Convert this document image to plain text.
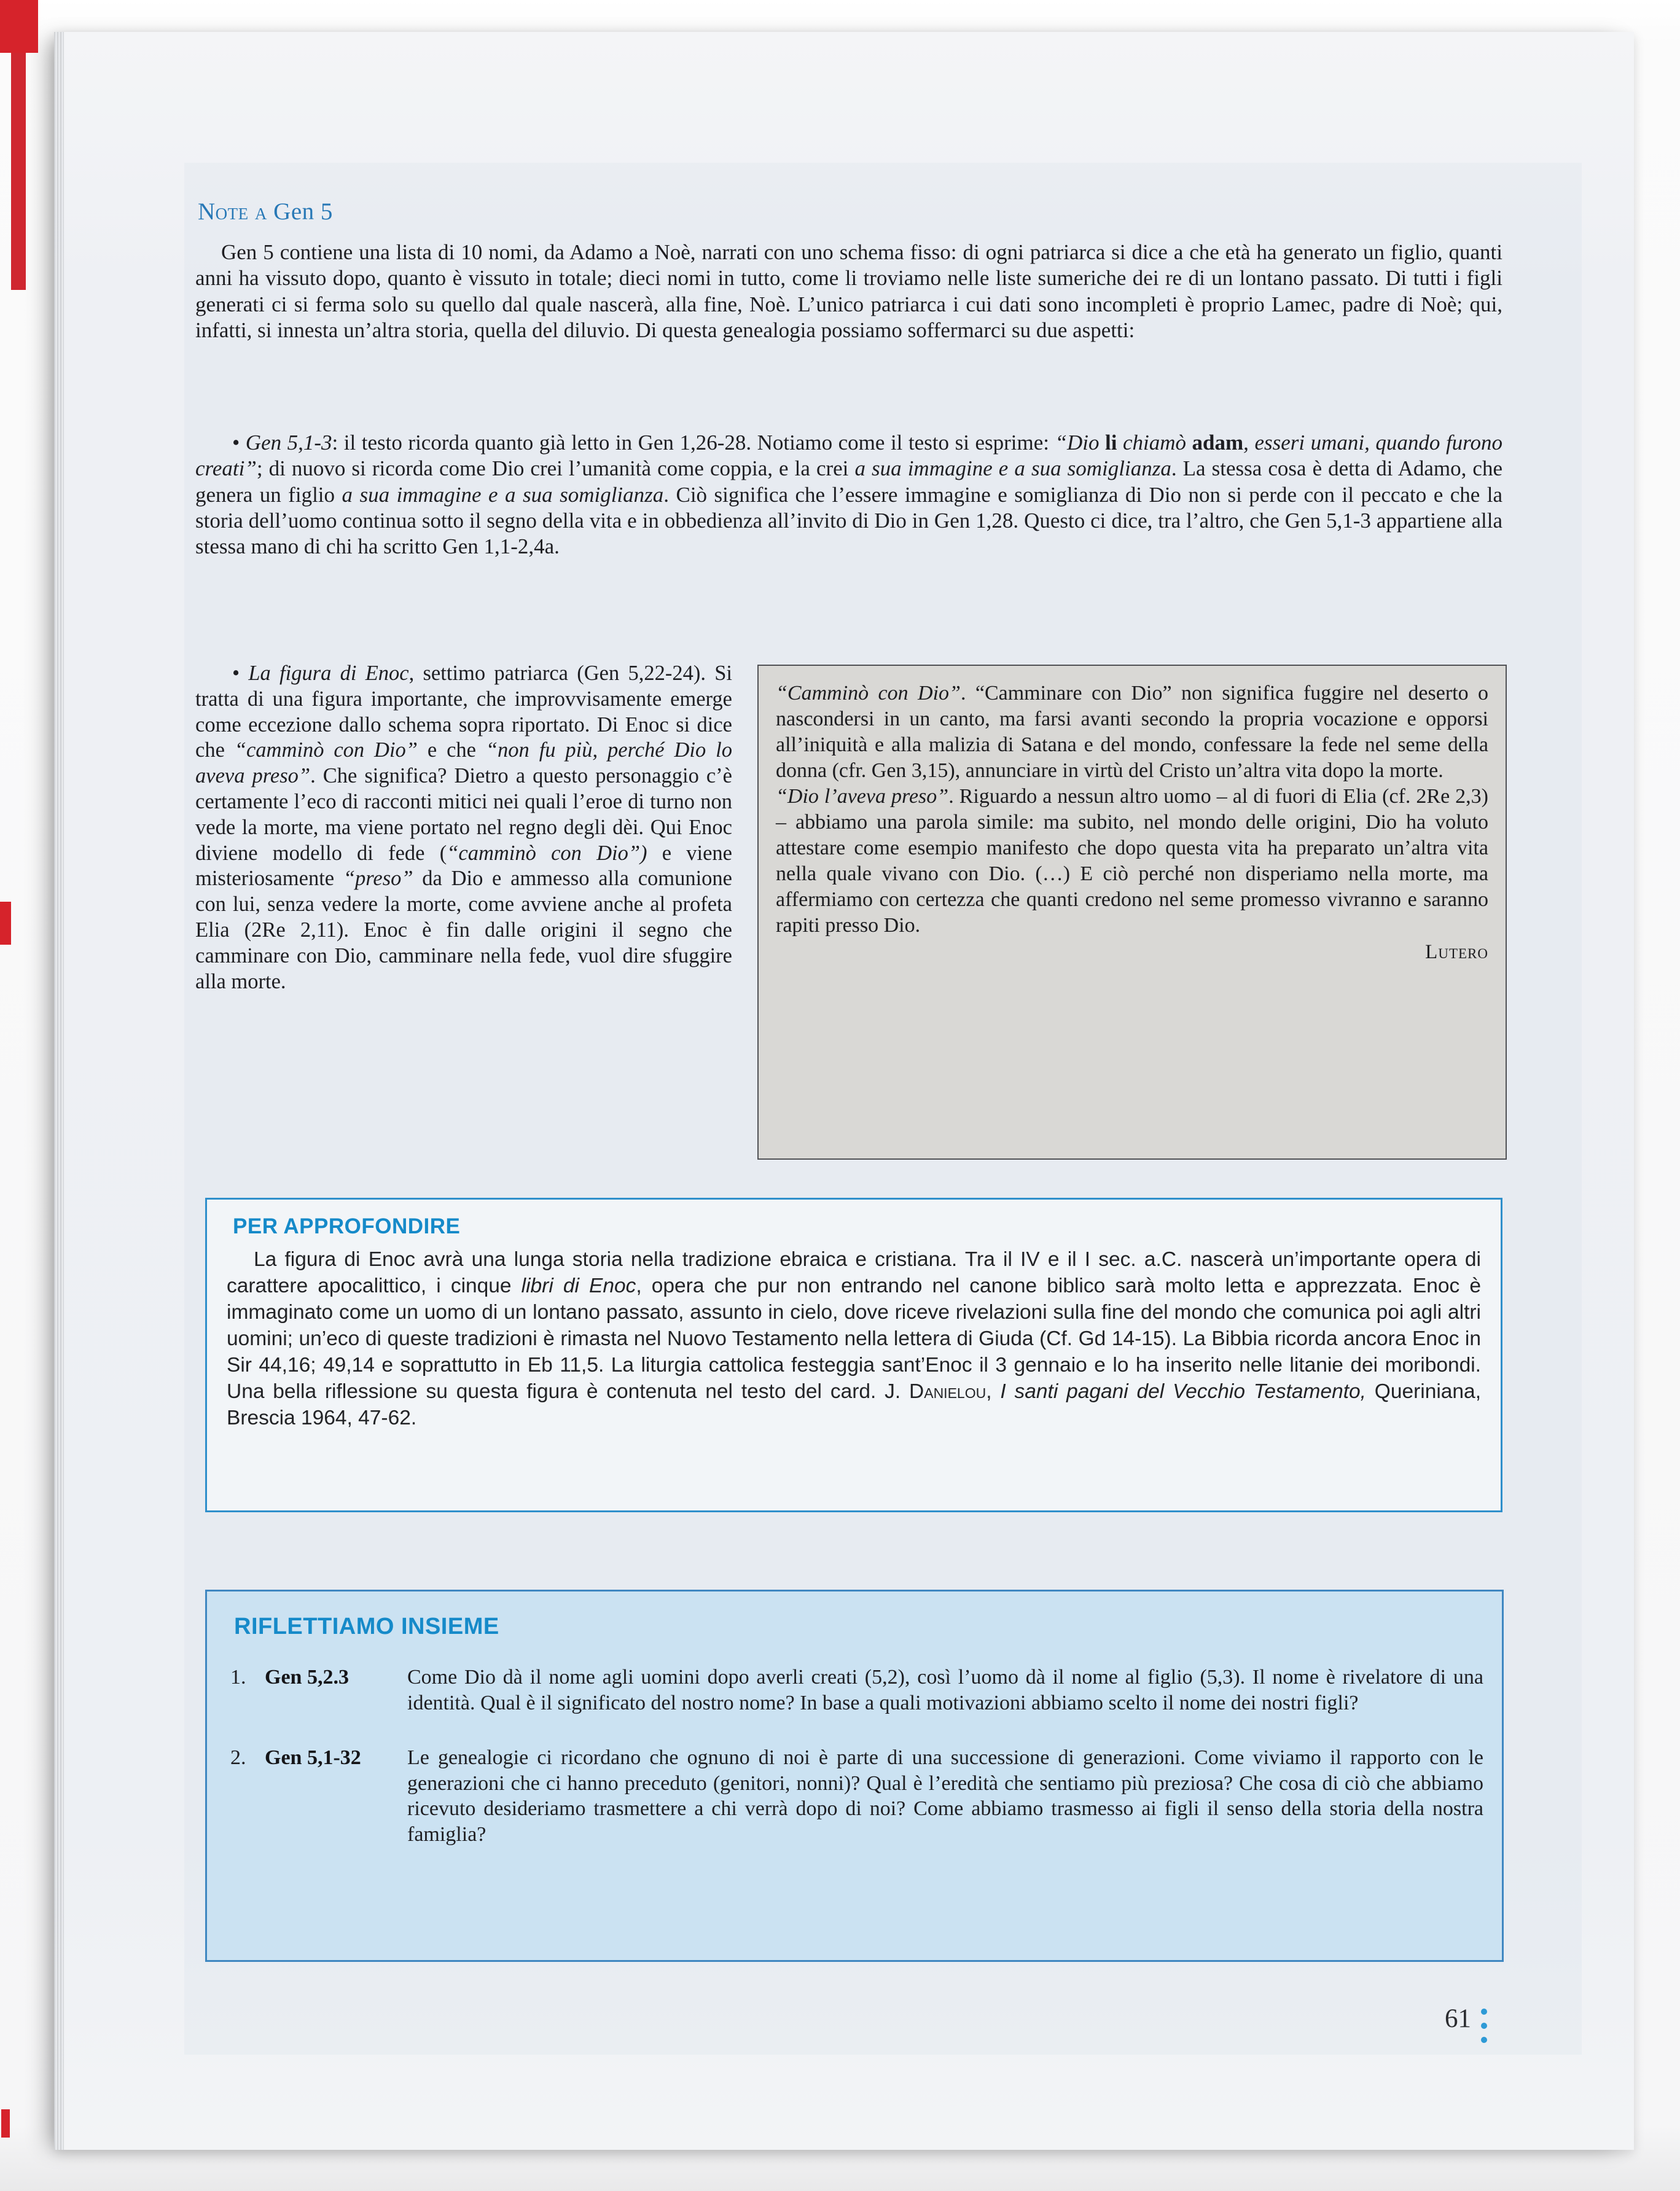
Note a Gen 5

Gen 5 contiene una lista di 10 nomi, da Adamo a Noè, narrati con uno schema fisso: di ogni patriarca si dice a che età ha generato un figlio, quanti anni ha vissuto dopo, quanto è vissuto in totale; dieci nomi in tutto, come li troviamo nelle liste sumeriche dei re di un lontano passato. Di tutti i figli generati ci si ferma solo su quello dal quale nascerà, alla fine, Noè. L’unico patriarca i cui dati sono incompleti è proprio Lamec, padre di Noè; qui, infatti, si innesta un’altra storia, quella del diluvio. Di questa genealogia possiamo soffermarci su due aspetti:

• Gen 5,1-3: il testo ricorda quanto già letto in Gen 1,26-28. Notiamo come il testo si esprime: “Dio li chiamò adam, esseri umani, quando furono creati”; di nuovo si ricorda come Dio crei l’umanità come coppia, e la crei a sua immagine e a sua somiglianza. La stessa cosa è detta di Adamo, che genera un figlio a sua immagine e a sua somiglianza. Ciò significa che l’essere immagine e somiglianza di Dio non si perde con il peccato e che la storia dell’uomo continua sotto il segno della vita e in obbedienza all’invito di Dio in Gen 1,28. Questo ci dice, tra l’altro, che Gen 5,1-3 appartiene alla stessa mano di chi ha scritto Gen 1,1-2,4a.

• La figura di Enoc, settimo patriarca (Gen 5,22-24). Si tratta di una figura importante, che improvvisamente emerge come eccezione dallo schema sopra riportato. Di Enoc si dice che “camminò con Dio” e che “non fu più, perché Dio lo aveva preso”. Che significa? Dietro a questo personaggio c’è certamente l’eco di racconti mitici nei quali l’eroe di turno non vede la morte, ma viene portato nel regno degli dèi. Qui Enoc diviene modello di fede (“camminò con Dio”) e viene misteriosamente “preso” da Dio e ammesso alla comunione con lui, senza vedere la morte, come avviene anche al profeta Elia (2Re 2,11). Enoc è fin dalle origini il segno che camminare con Dio, camminare nella fede, vuol dire sfuggire alla morte.

“Camminò con Dio”. “Camminare con Dio” non significa fuggire nel deserto o nascondersi in un canto, ma farsi avanti secondo la propria vocazione e opporsi all’iniquità e alla malizia di Satana e del mondo, confessare la fede nel seme della donna (cfr. Gen 3,15), annunciare in virtù del Cristo un’altra vita dopo la morte.

“Dio l’aveva preso”. Riguardo a nessun altro uomo – al di fuori di Elia (cf. 2Re 2,3) – abbiamo una parola simile: ma subito, nel mondo delle origini, Dio ha voluto attestare come esempio manifesto che dopo questa vita ha preparato un’altra vita nella quale vivano con Dio. (…) E ciò perché non disperiamo nella morte, ma affermiamo con certezza che quanti credono nel seme promesso vivranno e saranno rapiti presso Dio.

Lutero
PER APPROFONDIRE

La figura di Enoc avrà una lunga storia nella tradizione ebraica e cristiana. Tra il IV e il I sec. a.C. nascerà un’importante opera di carattere apocalittico, i cinque libri di Enoc, opera che pur non entrando nel canone biblico sarà molto letta e apprezzata. Enoc è immaginato come un uomo di un lontano passato, assunto in cielo, dove riceve rivelazioni sulla fine del mondo che comunica poi agli altri uomini; un’eco di queste tradizioni è rimasta nel Nuovo Testamento nella lettera di Giuda (Cf. Gd 14-15). La Bibbia ricorda ancora Enoc in Sir 44,16; 49,14 e soprattutto in Eb 11,5. La liturgia cattolica festeggia sant’Enoc il 3 gennaio e lo ha inserito nelle litanie dei moribondi. Una bella riflessione su questa figura è contenuta nel testo del card. J. Danielou, I santi pagani del Vecchio Testamento, Queriniana, Brescia 1964, 47-62.

RIFLETTIAMO INSIEME
1. Gen 5,2.3	Come Dio dà il nome agli uomini dopo averli creati (5,2), così l’uomo dà il nome al figlio (5,3). Il nome è rivelatore di una identità. Qual è il significato del nostro nome? In base a quali motivazioni abbiamo scelto il nome dei nostri figli?

2. Gen 5,1-32	Le genealogie ci ricordano che ognuno di noi è parte di una successione di generazioni. Come viviamo il rapporto con le generazioni che ci hanno preceduto (genitori, nonni)? Qual è l’eredità che sentiamo più preziosa? Che cosa di ciò che abbiamo ricevuto desideriamo trasmettere a chi verrà dopo di noi? Come abbiamo trasmesso ai figli il senso della storia della nostra famiglia?

61
